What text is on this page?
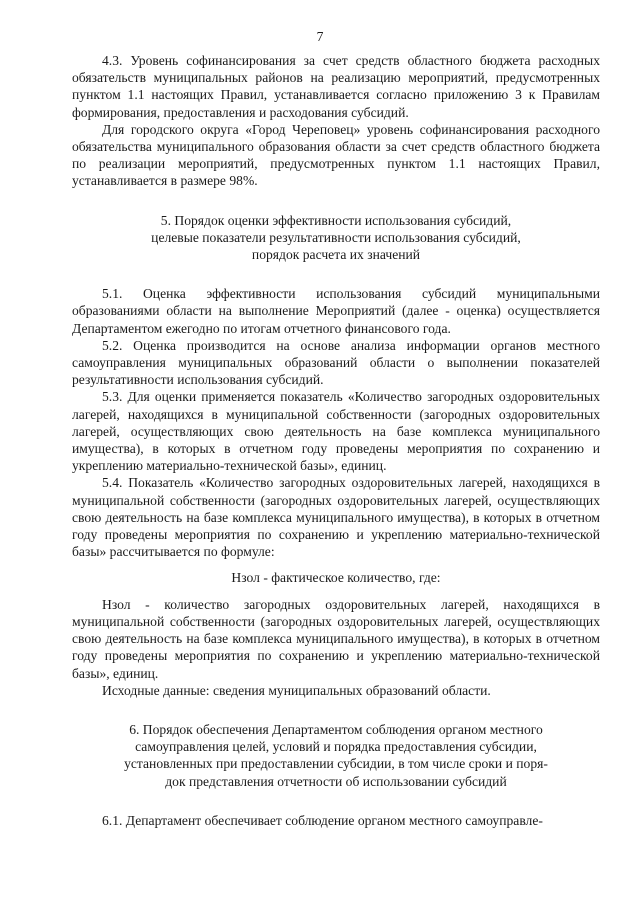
7

4.3. Уровень софинансирования за счет средств областного бюджета расходных обязательств муниципальных районов на реализацию мероприятий, предусмотренных пунктом 1.1 настоящих Правил, устанавливается согласно приложению 3 к Правилам формирования, предоставления и расходования субсидий.

Для городского округа «Город Череповец» уровень софинансирования расходного обязательства муниципального образования области за счет средств областного бюджета по реализации мероприятий, предусмотренных пунктом 1.1 настоящих Правил, устанавливается в размере 98%.

5. Порядок оценки эффективности использования субсидий,
целевые показатели результативности использования субсидий,
порядок расчета их значений

5.1. Оценка эффективности использования субсидий муниципальными образованиями области на выполнение Мероприятий (далее - оценка) осуществляется Департаментом ежегодно по итогам отчетного финансового года.

5.2. Оценка производится на основе анализа информации органов местного самоуправления муниципальных образований области о выполнении показателей результативности использования субсидий.

5.3. Для оценки применяется показатель «Количество загородных оздоровительных лагерей, находящихся в муниципальной собственности (загородных оздоровительных лагерей, осуществляющих свою деятельность на базе комплекса муниципального имущества), в которых в отчетном году проведены мероприятия по сохранению и укреплению материально-технической базы», единиц.

5.4. Показатель «Количество загородных оздоровительных лагерей, находящихся в муниципальной собственности (загородных оздоровительных лагерей, осуществляющих свою деятельность на базе комплекса муниципального имущества), в которых в отчетном году проведены мероприятия по сохранению и укреплению материально-технической базы» рассчитывается по формуле:

Нзол - фактическое количество, где:

Нзол - количество загородных оздоровительных лагерей, находящихся в муниципальной собственности (загородных оздоровительных лагерей, осуществляющих свою деятельность на базе комплекса муниципального имущества), в которых в отчетном году проведены мероприятия по сохранению и укреплению материально-технической базы», единиц.

Исходные данные: сведения муниципальных образований области.

6. Порядок обеспечения Департаментом соблюдения органом местного
самоуправления целей, условий и порядка предоставления субсидии,
установленных при предоставлении субсидии, в том числе сроки и поря-
док представления отчетности об использовании субсидий

6.1. Департамент обеспечивает соблюдение органом местного самоуправле-
